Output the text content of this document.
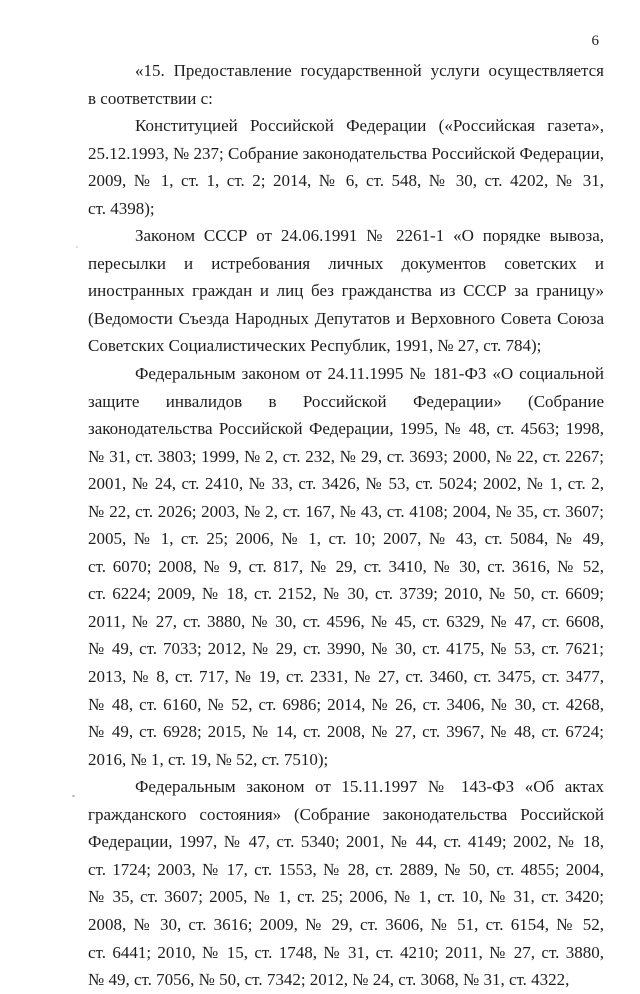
6

«15. Предоставление государственной услуги осуществляется в соответствии с:

Конституцией Российской Федерации («Российская газета», 25.12.1993, № 237; Собрание законодательства Российской Федерации, 2009, № 1, ст. 1, ст. 2; 2014, № 6, ст. 548, № 30, ст. 4202, № 31, ст. 4398);

Законом СССР от 24.06.1991 № 2261-1 «О порядке вывоза, пересылки и истребования личных документов советских и иностранных граждан и лиц без гражданства из СССР за границу» (Ведомости Съезда Народных Депутатов и Верховного Совета Союза Советских Социалистических Республик, 1991, № 27, ст. 784);

Федеральным законом от 24.11.1995 № 181-ФЗ «О социальной защите инвалидов в Российской Федерации» (Собрание законодательства Российской Федерации, 1995, № 48, ст. 4563; 1998, № 31, ст. 3803; 1999, № 2, ст. 232, № 29, ст. 3693; 2000, № 22, ст. 2267; 2001, № 24, ст. 2410, № 33, ст. 3426, № 53, ст. 5024; 2002, № 1, ст. 2, № 22, ст. 2026; 2003, № 2, ст. 167, № 43, ст. 4108; 2004, № 35, ст. 3607; 2005, № 1, ст. 25; 2006, № 1, ст. 10; 2007, № 43, ст. 5084, № 49, ст. 6070; 2008, № 9, ст. 817, № 29, ст. 3410, № 30, ст. 3616, № 52, ст. 6224; 2009, № 18, ст. 2152, № 30, ст. 3739; 2010, № 50, ст. 6609; 2011, № 27, ст. 3880, № 30, ст. 4596, № 45, ст. 6329, № 47, ст. 6608, № 49, ст. 7033; 2012, № 29, ст. 3990, № 30, ст. 4175, № 53, ст. 7621; 2013, № 8, ст. 717, № 19, ст. 2331, № 27, ст. 3460, ст. 3475, ст. 3477, № 48, ст. 6160, № 52, ст. 6986; 2014, № 26, ст. 3406, № 30, ст. 4268, № 49, ст. 6928; 2015, № 14, ст. 2008, № 27, ст. 3967, № 48, ст. 6724; 2016, № 1, ст. 19, № 52, ст. 7510);

Федеральным законом от 15.11.1997 № 143-ФЗ «Об актах гражданского состояния» (Собрание законодательства Российской Федерации, 1997, № 47, ст. 5340; 2001, № 44, ст. 4149; 2002, № 18, ст. 1724; 2003, № 17, ст. 1553, № 28, ст. 2889, № 50, ст. 4855; 2004, № 35, ст. 3607; 2005, № 1, ст. 25; 2006, № 1, ст. 10, № 31, ст. 3420; 2008, № 30, ст. 3616; 2009, № 29, ст. 3606, № 51, ст. 6154, № 52, ст. 6441; 2010, № 15, ст. 1748, № 31, ст. 4210; 2011, № 27, ст. 3880, № 49, ст. 7056, № 50, ст. 7342; 2012, № 24, ст. 3068, № 31, ст. 4322,
